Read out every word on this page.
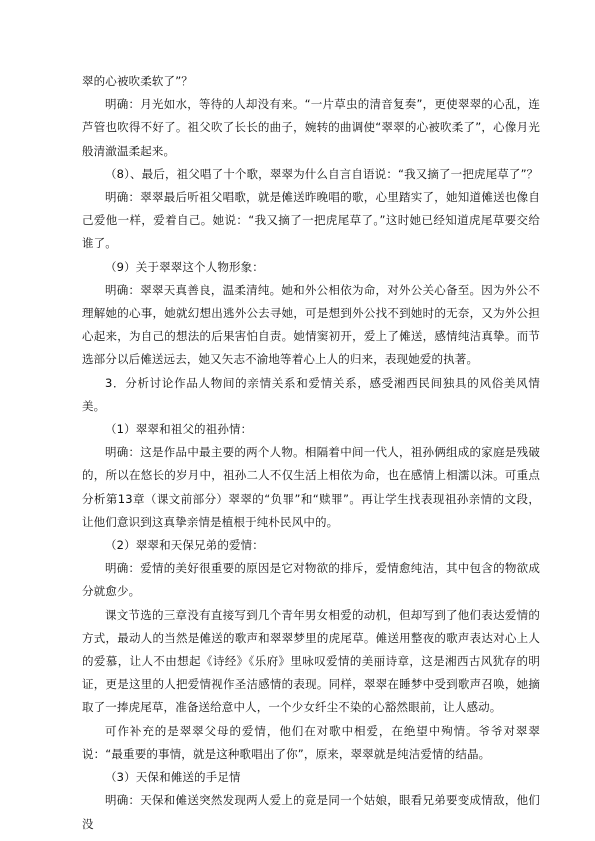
翠的心被吹柔软了”？

明确：月光如水，等待的人却没有来。“一片草虫的清音复奏”，更使翠翠的心乱，连芦管也吹得不好了。祖父吹了长长的曲子，婉转的曲调使“翠翠的心被吹柔了”，心像月光般清澈温柔起来。

（8）、最后，祖父唱了十个歌，翠翠为什么自言自语说：“我又摘了一把虎尾草了”？

明确：翠翠最后听祖父唱歌，就是傩送昨晚唱的歌，心里踏实了，她知道傩送也像自己爱他一样，爱着自己。她说：“我又摘了一把虎尾草了。”这时她已经知道虎尾草要交给谁了。

（9）关于翠翠这个人物形象：

明确：翠翠天真善良，温柔清纯。她和外公相依为命，对外公关心备至。因为外公不理解她的心事，她就幻想出逃外公去寻她，可是想到外公找不到她时的无奈，又为外公担心起来，为自己的想法的后果害怕自责。她情窦初开，爱上了傩送，感情纯洁真挚。而节选部分以后傩送远去，她又矢志不渝地等着心上人的归来，表现她爱的执著。

3．分析讨论作品人物间的亲情关系和爱情关系，感受湘西民间独具的风俗美风情美。

（1）翠翠和祖父的祖孙情：

明确：这是作品中最主要的两个人物。相隔着中间一代人，祖孙俩组成的家庭是残破的，所以在悠长的岁月中，祖孙二人不仅生活上相依为命，也在感情上相濡以沫。可重点分析第13章（课文前部分）翠翠的“负罪”和“赎罪”。再让学生找表现祖孙亲情的文段，让他们意识到这真挚亲情是植根于纯朴民风中的。

（2）翠翠和天保兄弟的爱情：

明确：爱情的美好很重要的原因是它对物欲的排斥，爱情愈纯洁，其中包含的物欲成分就愈少。

课文节选的三章没有直接写到几个青年男女相爱的动机，但却写到了他们表达爱情的方式，最动人的当然是傩送的歌声和翠翠梦里的虎尾草。傩送用整夜的歌声表达对心上人的爱慕，让人不由想起《诗经》《乐府》里咏叹爱情的美丽诗章，这是湘西古风犹存的明证，更是这里的人把爱情视作圣洁感情的表现。同样，翠翠在睡梦中受到歌声召唤，她摘取了一捧虎尾草，准备送给意中人，一个少女纤尘不染的心豁然眼前，让人感动。

可作补充的是翠翠父母的爱情，他们在对歌中相爱，在绝望中殉情。爷爷对翠翠说：“最重要的事情，就是这种歌唱出了你”，原来，翠翠就是纯洁爱情的结晶。

（3）天保和傩送的手足情

明确：天保和傩送突然发现两人爱上的竟是同一个姑娘，眼看兄弟要变成情敌，他们没
